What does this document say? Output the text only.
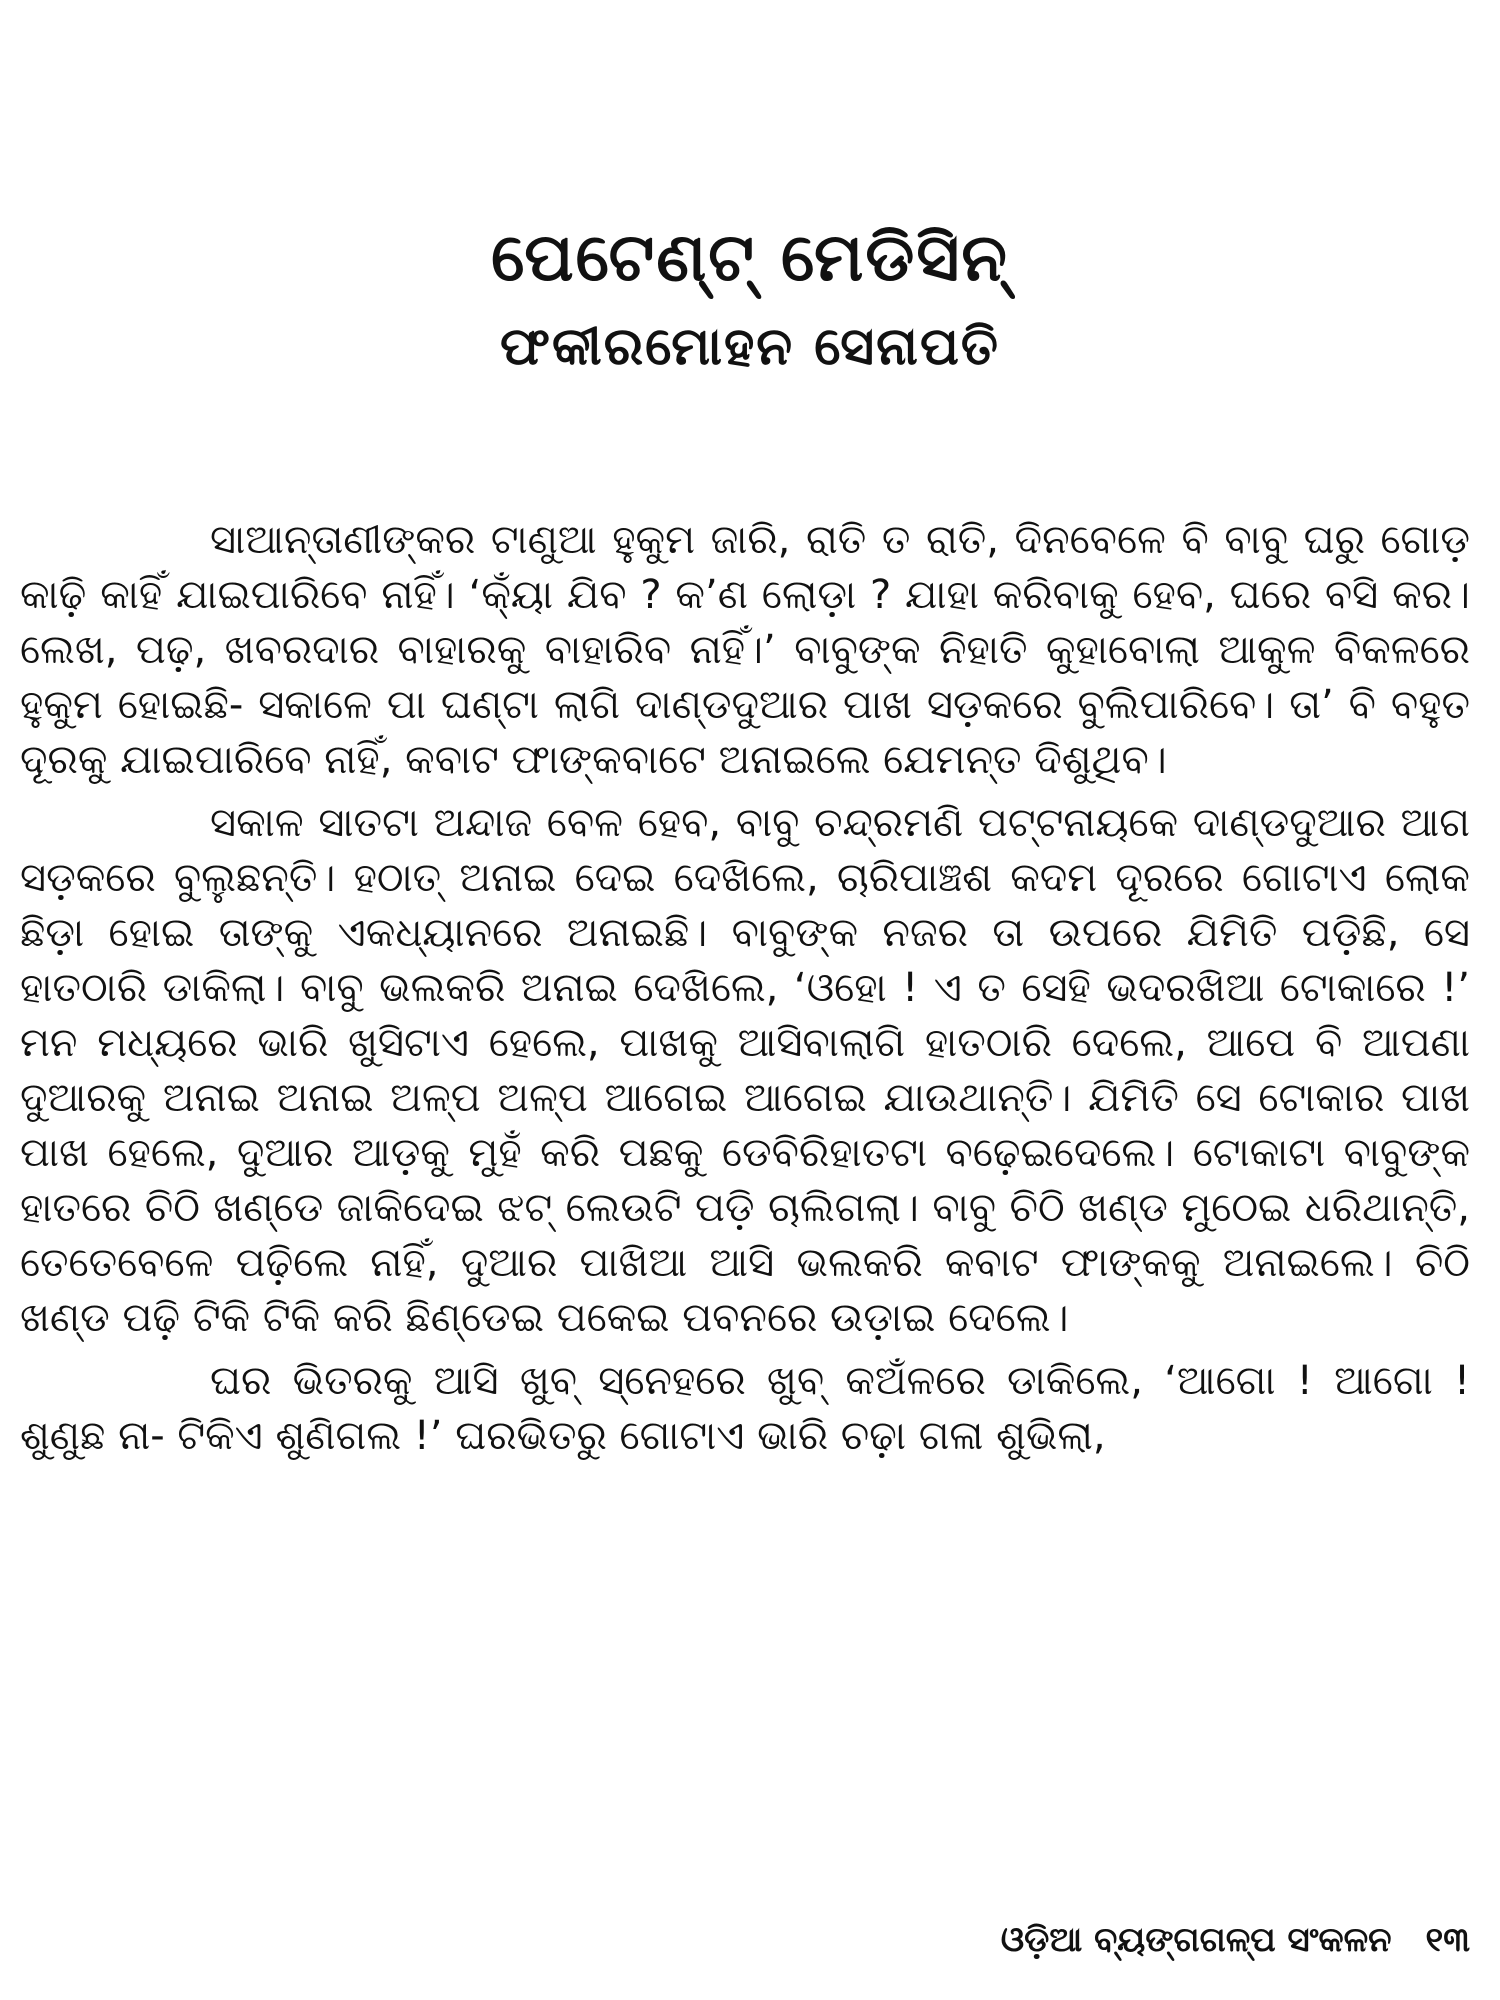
ପେଟେଣ୍ଟ୍ ମେଡିସିନ୍
ଫକୀରମୋହନ ସେନାପତି

ସାଆନ୍ତାଣୀଙ୍କର ଟାଣୁଆ ହୁକୁମ ଜାରି, ରାତି ତ ରାତି, ଦିନବେଳେ ବି ବାବୁ ଘରୁ ଗୋଡ଼ କାଢ଼ି କାହିଁ ଯାଇପାରିବେ ନାହିଁ। ‘କ୍ୟାଁ ଯିବ ? କ’ଣ ଲୋଡ଼ା ? ଯାହା କରିବାକୁ ହେବ, ଘରେ ବସି କର। ଲେଖ, ପଢ଼, ଖବରଦାର ବାହାରକୁ ବାହାରିବ ନାହିଁ।’ ବାବୁଙ୍କ ନିହାତି କୁହାବୋଲା ଆକୁଳ ବିକଳରେ ହୁକୁମ ହୋଇଛି- ସକାଳେ ପା ଘଣ୍ଟା ଲାଗି ଦାଣ୍ଡଦୁଆର ପାଖ ସଡ଼କରେ ବୁଲିପାରିବେ। ତା’ ବି ବହୁତ ଦୂରକୁ ଯାଇପାରିବେ ନାହିଁ, କବାଟ ଫାଙ୍କବାଟେ ଅନାଇଲେ ଯେମନ୍ତ ଦିଶୁଥିବ।

ସକାଳ ସାତଟା ଅନ୍ଦାଜ ବେଳ ହେବ, ବାବୁ ଚନ୍ଦ୍ରମଣି ପଟ୍ଟନାୟକେ ଦାଣ୍ଡଦୁଆର ଆଗ ସଡ଼କରେ ବୁଲୁଛନ୍ତି। ହଠାତ୍ ଅନାଇ ଦେଇ ଦେଖିଲେ, ଚାରିପାଞ୍ଚଶ କଦମ ଦୂରରେ ଗୋଟାଏ ଲୋକ ଛିଡ଼ା ହୋଇ ତାଙ୍କୁ ଏକଧ୍ୟାନରେ ଅନାଇଛି। ବାବୁଙ୍କ ନଜର ତା ଉପରେ ଯିମିତି ପଡ଼ିଛି, ସେ ହାତଠାରି ଡାକିଲା। ବାବୁ ଭଲକରି ଅନାଇ ଦେଖିଲେ, ‘ଓହୋ ! ଏ ତ ସେହି ଭଦରଖିଆ ଟୋକାରେ !’ ମନ ମଧ୍ୟରେ ଭାରି ଖୁସିଟାଏ ହେଲେ, ପାଖକୁ ଆସିବାଲାଗି ହାତଠାରି ଦେଲେ, ଆପେ ବି ଆପଣା ଦୁଆରକୁ ଅନାଇ ଅନାଇ ଅଳ୍ପ ଅଳ୍ପ ଆଗେଇ ଆଗେଇ ଯାଉଥାନ୍ତି। ଯିମିତି ସେ ଟୋକାର ପାଖ ପାଖ ହେଲେ, ଦୁଆର ଆଡ଼କୁ ମୁହଁ କରି ପଛକୁ ଡେବିରିହାତଟା ବଢ଼େଇଦେଲେ। ଟୋକାଟା ବାବୁଙ୍କ ହାତରେ ଚିଠି ଖଣ୍ଡେ ଜାକିଦେଇ ଝଟ୍ ଲେଉଟି ପଡ଼ି ଚାଲିଗଲା। ବାବୁ ଚିଠି ଖଣ୍ଡ ମୁଠେଇ ଧରିଥାନ୍ତି, ତେତେବେଳେ ପଢ଼ିଲେ ନାହିଁ, ଦୁଆର ପାଖିଆ ଆସି ଭଲକରି କବାଟ ଫାଙ୍କକୁ ଅନାଇଲେ। ଚିଠି ଖଣ୍ଡ ପଢ଼ି ଟିକି ଟିକି କରି ଛିଣ୍ଡେଇ ପକେଇ ପବନରେ ଉଡ଼ାଇ ଦେଲେ।

ଘର ଭିତରକୁ ଆସି ଖୁବ୍ ସ୍ନେହରେ ଖୁବ୍ କଅଁଳରେ ଡାକିଲେ, ‘ଆଗୋ ! ଆଗୋ ! ଶୁଣୁଛ ନା- ଟିକିଏ ଶୁଣିଗଲ !’ ଘରଭିତରୁ ଗୋଟାଏ ଭାରି ଚଢ଼ା ଗଳା ଶୁଭିଲା,

ଓଡ଼ିଆ ବ୍ୟଙ୍ଗଗଳ୍ପ ସଂକଳନ ୧୩
